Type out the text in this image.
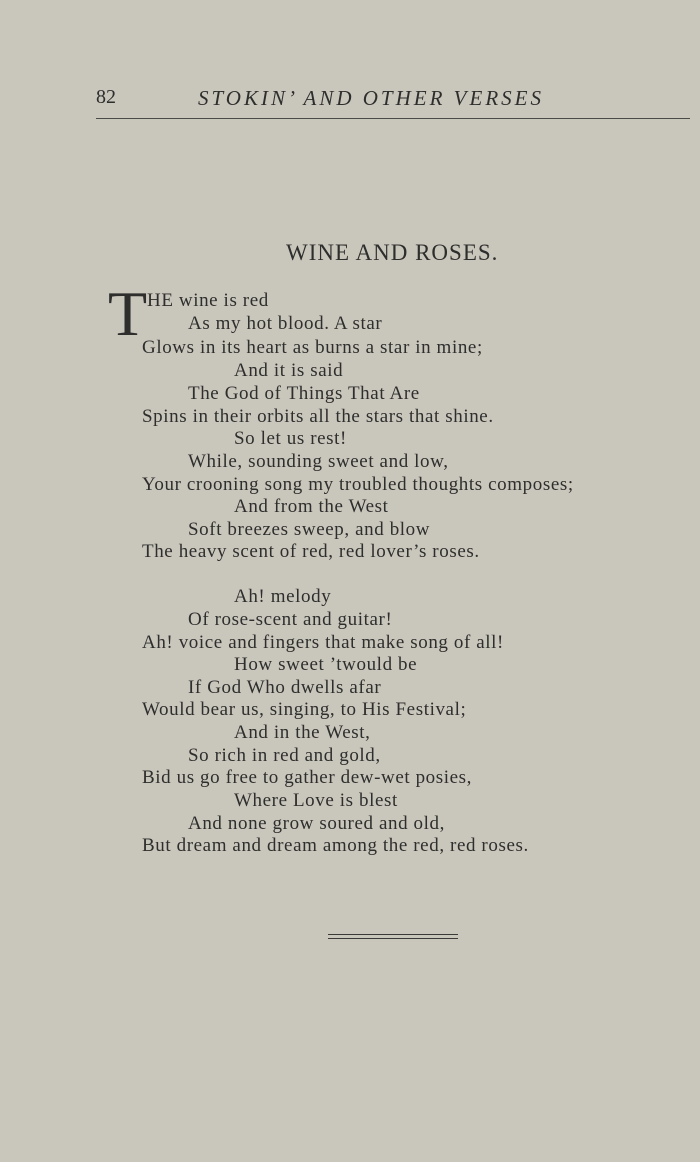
82	STOKIN’ AND OTHER VERSES
WINE AND ROSES.
T HE wine is red
As my hot blood. A star
Glows in its heart as burns a star in mine;
And it is said
The God of Things That Are
Spins in their orbits all the stars that shine.
So let us rest!
While, sounding sweet and low,
Your crooning song my troubled thoughts composes;
And from the West
Soft breezes sweep, and blow
The heavy scent of red, red lover’s roses.
Ah! melody
Of rose-scent and guitar!
Ah! voice and fingers that make song of all!
How sweet ’twould be
If God Who dwells afar
Would bear us, singing, to His Festival;
And in the West,
So rich in red and gold,
Bid us go free to gather dew-wet posies,
Where Love is blest
And none grow soured and old,
But dream and dream among the red, red roses.
